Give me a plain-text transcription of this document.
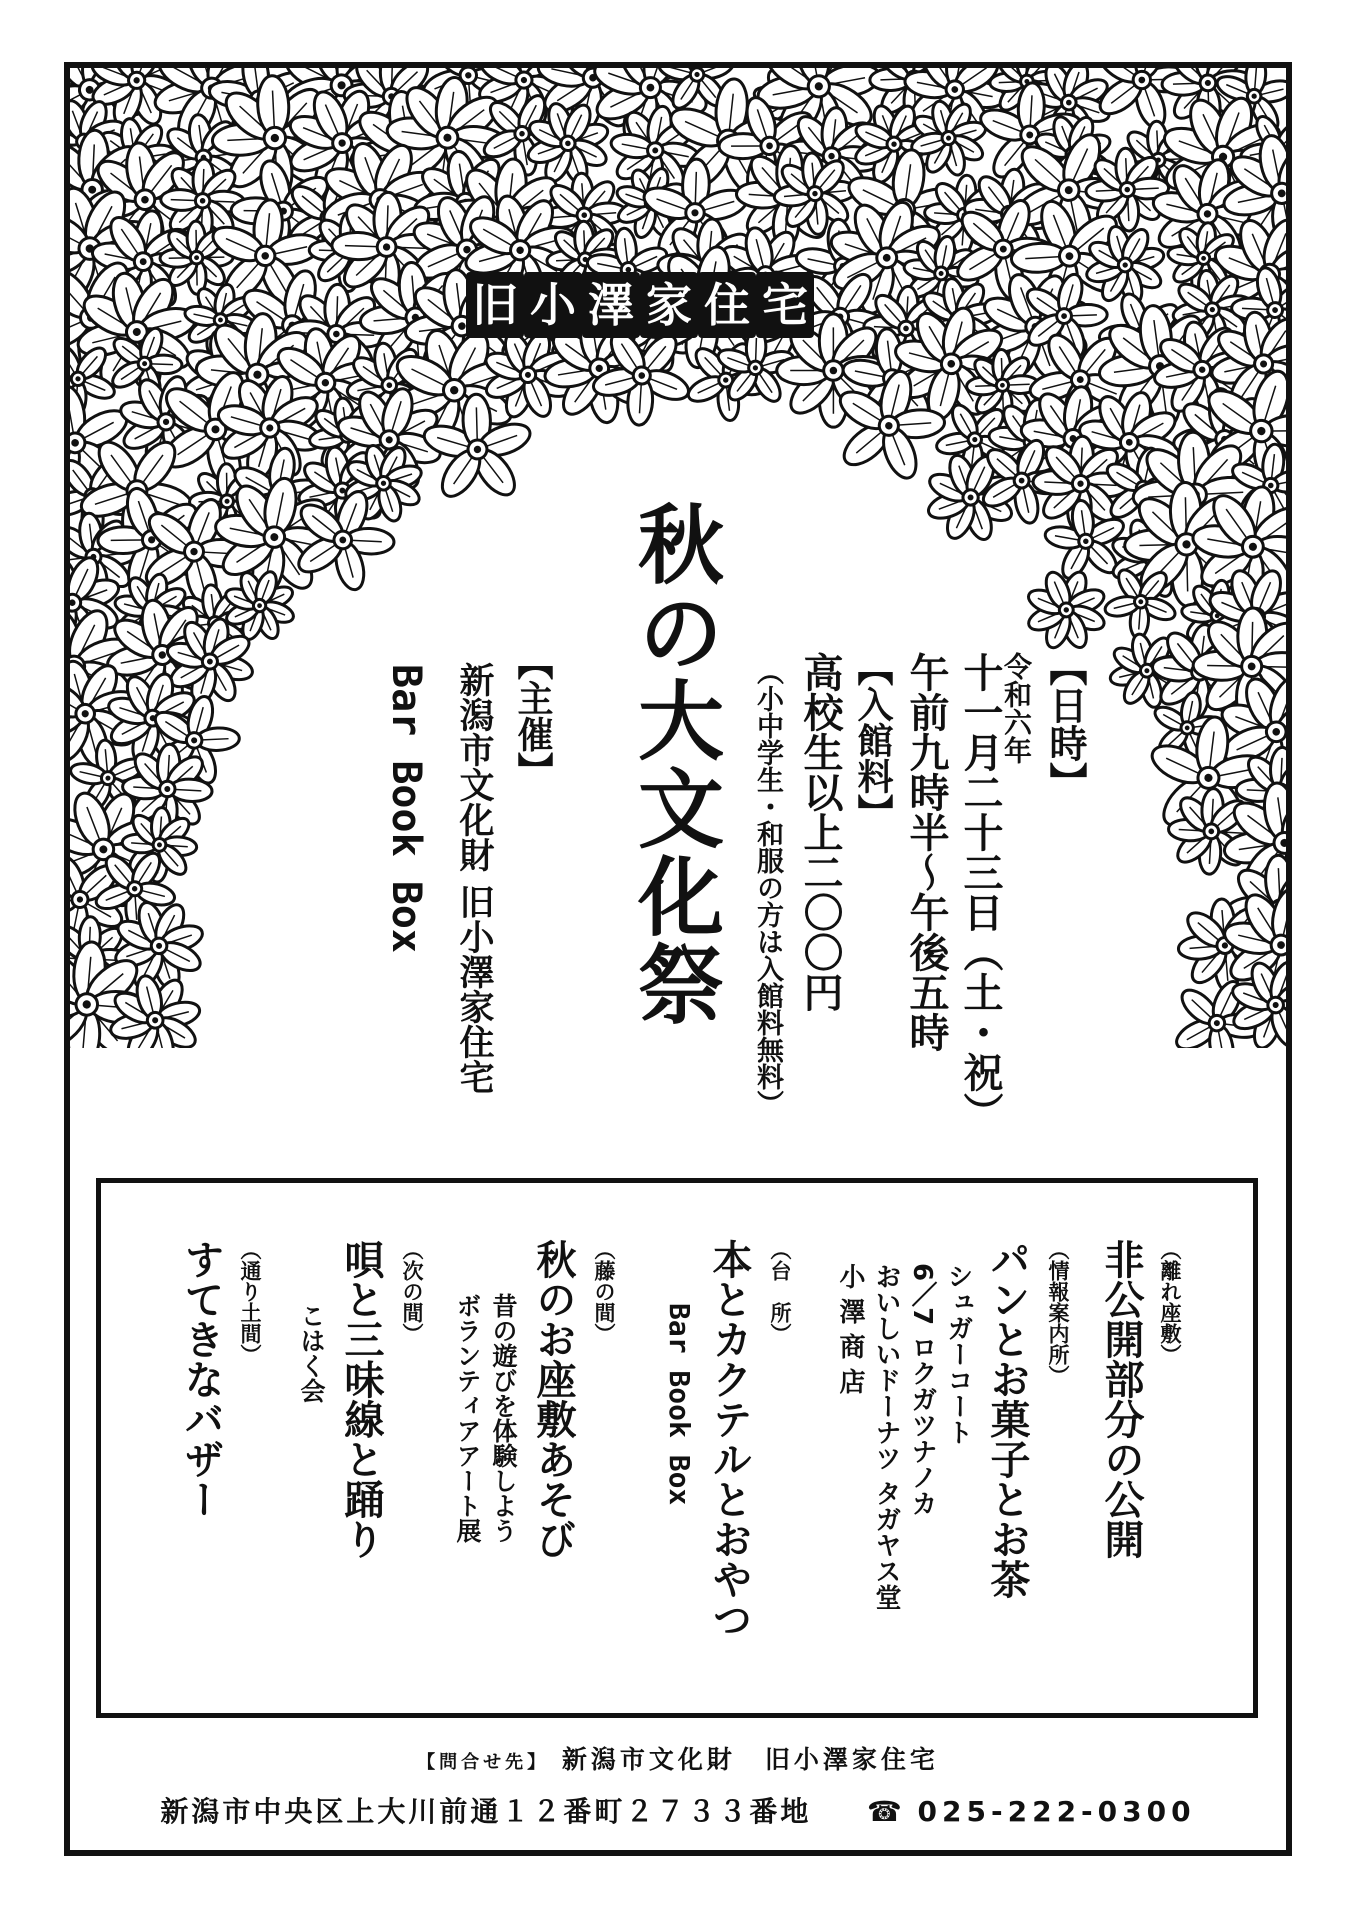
旧 小 澤 家 住 宅
【日時】
令和六年
十一月二十三日（土・祝）
午前九時半～午後五時
【入館料】
高校生以上二〇〇円
（小中学生・和服の方は入館料無料）
秋の大文化祭
【主催】
新潟市文化財 旧小澤家住宅
Bar Book Box
（離れ座敷）
非公開部分の公開
（情報案内所）
パンとお菓子とお茶
シュガーコート
6／7 ロクガツナノカ
おいしいドーナツ タガヤス堂
小 澤 商 店
（台　所）
本とカクテルとおやつ
Bar Book Box
（藤の間）
秋のお座敷あそび
昔の遊びを体験しよう
ボランティアアート展
（次の間）
唄と三味線と踊り
こはく会
（通り土間）
すてきなバザー
【問合せ先】 新潟市文化財　旧小澤家住宅
新潟市中央区上大川前通１２番町２７３３番地 ☎ 025-222-0300
